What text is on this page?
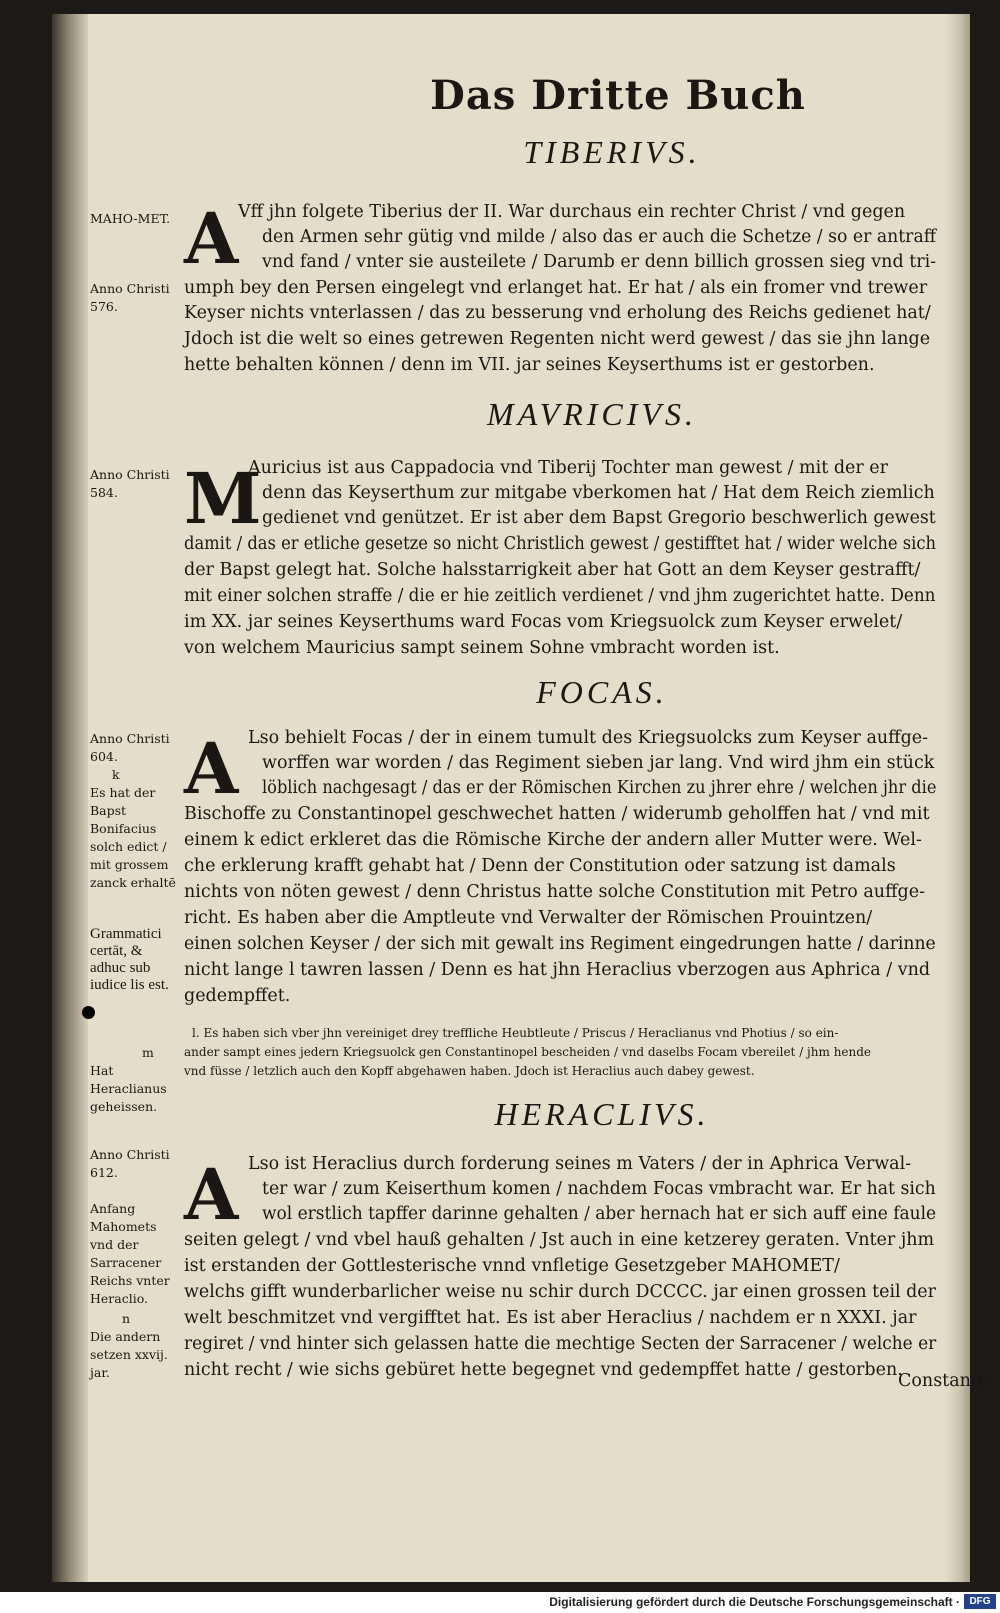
Das Dritte Buch
TIBERIVS.
MAHO-MET.
Anno Christi 576.
A Vff jhn folgete Tiberius der II. War durchaus ein rechter Christ / vnd gegen
den Armen sehr gütig vnd milde / also das er auch die Schetze / so er antraff
vnd fand / vnter sie austeilete / Darumb er denn billich grossen sieg vnd tri-
umph bey den Persen eingelegt vnd erlanget hat. Er hat / als ein fromer vnd trewer
Keyser nichts vnterlassen / das zu besserung vnd erholung des Reichs gedienet hat/
Jdoch ist die welt so eines getrewen Regenten nicht werd gewest / das sie jhn lange
hette behalten können / denn im VII. jar seines Keyserthums ist er gestorben.
MAVRICIVS.
Anno Christi 584. M
Auricius ist aus Cappadocia vnd Tiberij Tochter man gewest / mit der er
denn das Keyserthum zur mitgabe vberkomen hat / Hat dem Reich ziemlich
gedienet vnd genützet. Er ist aber dem Bapst Gregorio beschwerlich gewest
damit / das er etliche gesetze so nicht Christlich gewest / gestifftet hat / wider welche sich
der Bapst gelegt hat. Solche halsstarrigkeit aber hat Gott an dem Keyser gestrafft/
mit einer solchen straffe / die er hie zeitlich verdienet / vnd jhm zugerichtet hatte. Denn
im XX. jar seines Keyserthums ward Focas vom Kriegsuolck zum Keyser erwelet/
von welchem Mauricius sampt seinem Sohne vmbracht worden ist.
FOCAS.
Anno Christi 604.
k
Es hat der Bapst Bonifacius solch edict / mit grossem zanck erhaltē
Grammatici certāt, & adhuc sub iudice lis est.
A Lso behielt Focas / der in einem tumult des Kriegsuolcks zum Keyser auffge-
worffen war worden / das Regiment sieben jar lang. Vnd wird jhm ein stück
löblich nachgesagt / das er der Römischen Kirchen zu jhrer ehre / welchen jhr die
Bischoffe zu Constantinopel geschwechet hatten / widerumb geholffen hat / vnd mit
einem k edict erkleret das die Römische Kirche der andern aller Mutter were. Wel-
che erklerung krafft gehabt hat / Denn der Constitution oder satzung ist damals
nichts von nöten gewest / denn Christus hatte solche Constitution mit Petro auffge-
richt. Es haben aber die Amptleute vnd Verwalter der Römischen Prouintzen/
einen solchen Keyser / der sich mit gewalt ins Regiment eingedrungen hatte / darinne
nicht lange l tawren lassen / Denn es hat jhn Heraclius vberzogen aus Aphrica / vnd
gedempffet.
l. Es haben sich vber jhn vereiniget drey treffliche Heubtleute / Priscus / Heraclianus vnd Photius / so ein-
ander sampt eines jedern Kriegsuolck gen Constantinopel bescheiden / vnd daselbs Focam vbereilet / jhm hende
vnd füsse / letzlich auch den Kopff abgehawen haben. Jdoch ist Heraclius auch dabey gewest.
m
Hat Heraclianus geheissen.	HERACLIVS.
Anno Christi 612.
Anfang Mahomets vnd der Sarracener Reichs vnter Heraclio.
n
Die andern setzen xxvij. jar.
A Lso ist Heraclius durch forderung seines m Vaters / der in Aphrica Verwal-
ter war / zum Keiserthum komen / nachdem Focas vmbracht war. Er hat sich
wol erstlich tapffer darinne gehalten / aber hernach hat er sich auff eine faule
seiten gelegt / vnd vbel hauß gehalten / Jst auch in eine ketzerey geraten. Vnter jhm
ist erstanden der Gottlesterische vnnd vnfletige Gesetzgeber MAHOMET/
welchs gifft wunderbarlicher weise nu schir durch DCCCC. jar einen grossen teil der
welt beschmitzet vnd vergifftet hat. Es ist aber Heraclius / nachdem er n XXXI. jar
regiret / vnd hinter sich gelassen hatte die mechtige Secten der Sarracener / welche er
nicht recht / wie sichs gebüret hette begegnet vnd gedempffet hatte / gestorben.
Constanti-
Digitalisierung gefördert durch die Deutsche Forschungsgemeinschaft · DFG
